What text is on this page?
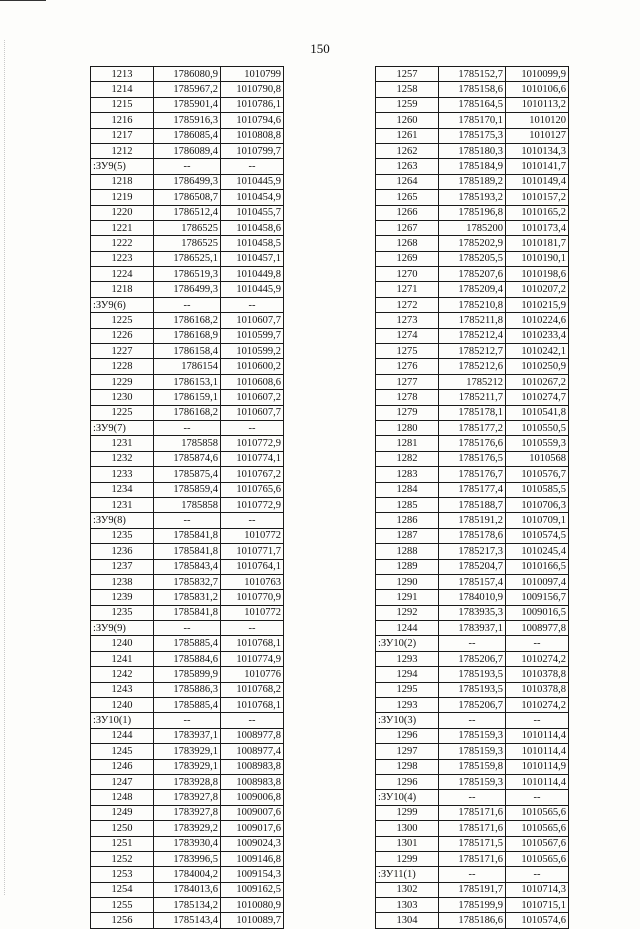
150
1213	1786080,9	1010799
1214	1785967,2	1010790,8
1215	1785901,4	1010786,1
1216	1785916,3	1010794,6
1217	1786085,4	1010808,8
1212	1786089,4	1010799,7
:ЗУ9(5)	--	--
1218	1786499,3	1010445,9
1219	1786508,7	1010454,9
1220	1786512,4	1010455,7
1221	1786525	1010458,6
1222	1786525	1010458,5
1223	1786525,1	1010457,1
1224	1786519,3	1010449,8
1218	1786499,3	1010445,9
:ЗУ9(6)	--	--
1225	1786168,2	1010607,7
1226	1786168,9	1010599,7
1227	1786158,4	1010599,2
1228	1786154	1010600,2
1229	1786153,1	1010608,6
1230	1786159,1	1010607,2
1225	1786168,2	1010607,7
:ЗУ9(7)	--	--
1231	1785858	1010772,9
1232	1785874,6	1010774,1
1233	1785875,4	1010767,2
1234	1785859,4	1010765,6
1231	1785858	1010772,9
:ЗУ9(8)	--	--
1235	1785841,8	1010772
1236	1785841,8	1010771,7
1237	1785843,4	1010764,1
1238	1785832,7	1010763
1239	1785831,2	1010770,9
1235	1785841,8	1010772
:ЗУ9(9)	--	--
1240	1785885,4	1010768,1
1241	1785884,6	1010774,9
1242	1785899,9	1010776
1243	1785886,3	1010768,2
1240	1785885,4	1010768,1
:ЗУ10(1)	--	--
1244	1783937,1	1008977,8
1245	1783929,1	1008977,4
1246	1783929,1	1008983,8
1247	1783928,8	1008983,8
1248	1783927,8	1009006,8
1249	1783927,8	1009007,6
1250	1783929,2	1009017,6
1251	1783930,4	1009024,3
1252	1783996,5	1009146,8
1253	1784004,2	1009154,3
1254	1784013,6	1009162,5
1255	1785134,2	1010080,9
1256	1785143,4	1010089,7
1257	1785152,7	1010099,9
1258	1785158,6	1010106,6
1259	1785164,5	1010113,2
1260	1785170,1	1010120
1261	1785175,3	1010127
1262	1785180,3	1010134,3
1263	1785184,9	1010141,7
1264	1785189,2	1010149,4
1265	1785193,2	1010157,2
1266	1785196,8	1010165,2
1267	1785200	1010173,4
1268	1785202,9	1010181,7
1269	1785205,5	1010190,1
1270	1785207,6	1010198,6
1271	1785209,4	1010207,2
1272	1785210,8	1010215,9
1273	1785211,8	1010224,6
1274	1785212,4	1010233,4
1275	1785212,7	1010242,1
1276	1785212,6	1010250,9
1277	1785212	1010267,2
1278	1785211,7	1010274,7
1279	1785178,1	1010541,8
1280	1785177,2	1010550,5
1281	1785176,6	1010559,3
1282	1785176,5	1010568
1283	1785176,7	1010576,7
1284	1785177,4	1010585,5
1285	1785188,7	1010706,3
1286	1785191,2	1010709,1
1287	1785178,6	1010574,5
1288	1785217,3	1010245,4
1289	1785204,7	1010166,5
1290	1785157,4	1010097,4
1291	1784010,9	1009156,7
1292	1783935,3	1009016,5
1244	1783937,1	1008977,8
:ЗУ10(2)	--	--
1293	1785206,7	1010274,2
1294	1785193,5	1010378,8
1295	1785193,5	1010378,8
1293	1785206,7	1010274,2
:ЗУ10(3)	--	--
1296	1785159,3	1010114,4
1297	1785159,3	1010114,4
1298	1785159,8	1010114,9
1296	1785159,3	1010114,4
:ЗУ10(4)	--	--
1299	1785171,6	1010565,6
1300	1785171,6	1010565,6
1301	1785171,5	1010567,6
1299	1785171,6	1010565,6
:ЗУ11(1)	--	--
1302	1785191,7	1010714,3
1303	1785199,9	1010715,1
1304	1785186,6	1010574,6
